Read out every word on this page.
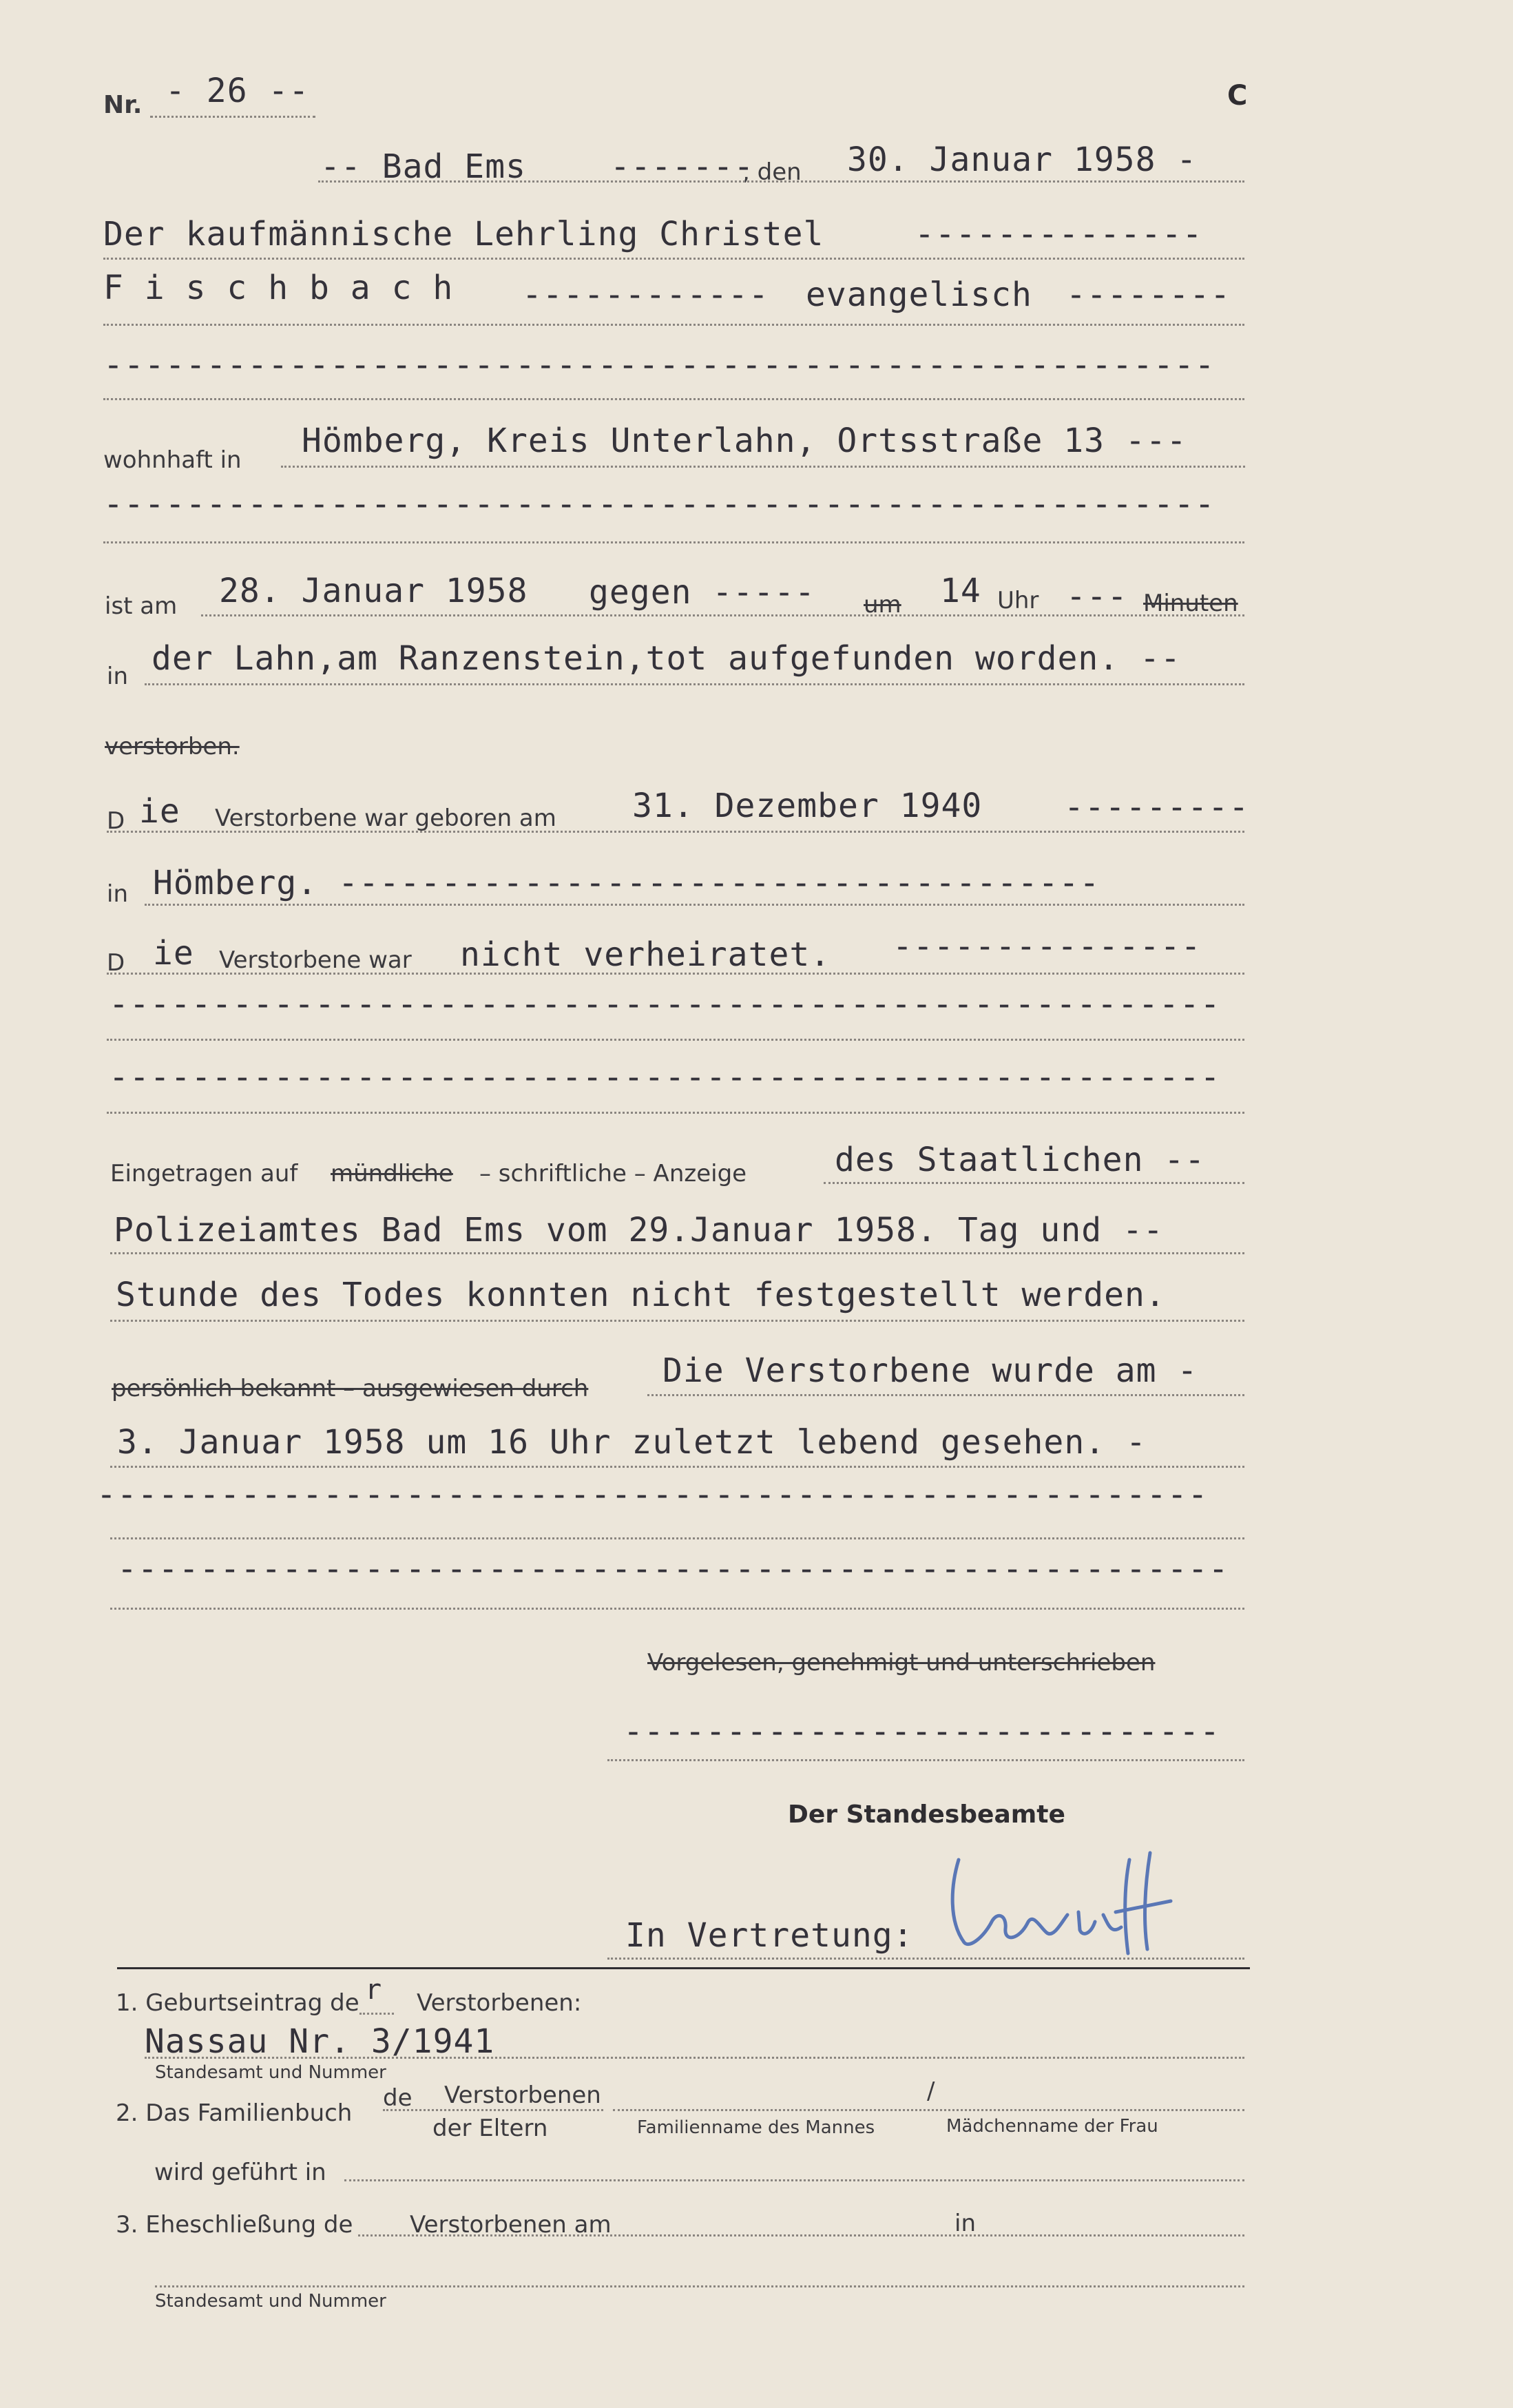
Nr. - 26 --	C
-- Bad Ems	-------
, den 30. Januar 1958 -
Der kaufmännische Lehrling Christel	--------------
F i s c h b a c h ------------ evangelisch --------
------------------------------------------------------
wohnhaft in Hömberg, Kreis Unterlahn, Ortsstraße 13 ---
------------------------------------------------------
ist am 28. Januar 1958 gegen ----- um 14 Uhr --- Minuten
in der Lahn,am Ranzenstein,tot aufgefunden worden. --
verstorben.
D ie Verstorbene war geboren am 31. Dezember 1940 ---------
in Hömberg. -------------------------------------
D ie Verstorbene war nicht verheiratet. ---------------
------------------------------------------------------
------------------------------------------------------
Eingetragen auf mündliche – schriftliche – Anzeige	des Staatlichen --
Polizeiamtes Bad Ems vom 29.Januar 1958. Tag und --
Stunde des Todes konnten nicht festgestellt werden.
persönlich bekannt – ausgewiesen durch Die Verstorbene wurde am -
3. Januar 1958 um 16 Uhr zuletzt lebend gesehen. -
------------------------------------------------------
------------------------------------------------------
Vorgelesen, genehmigt und unterschrieben
-----------------------------
Der Standesbeamte
In Vertretung:
1. Geburtseintrag de r Verstorbenen:
Nassau Nr. 3/1941
Standesamt und Nummer
2. Das Familienbuch
de Verstorbenen
der Eltern
/
Familienname des Mannes	Mädchenname der Frau
wird geführt in
3. Eheschließung de Verstorbenen am	in
Standesamt und Nummer
